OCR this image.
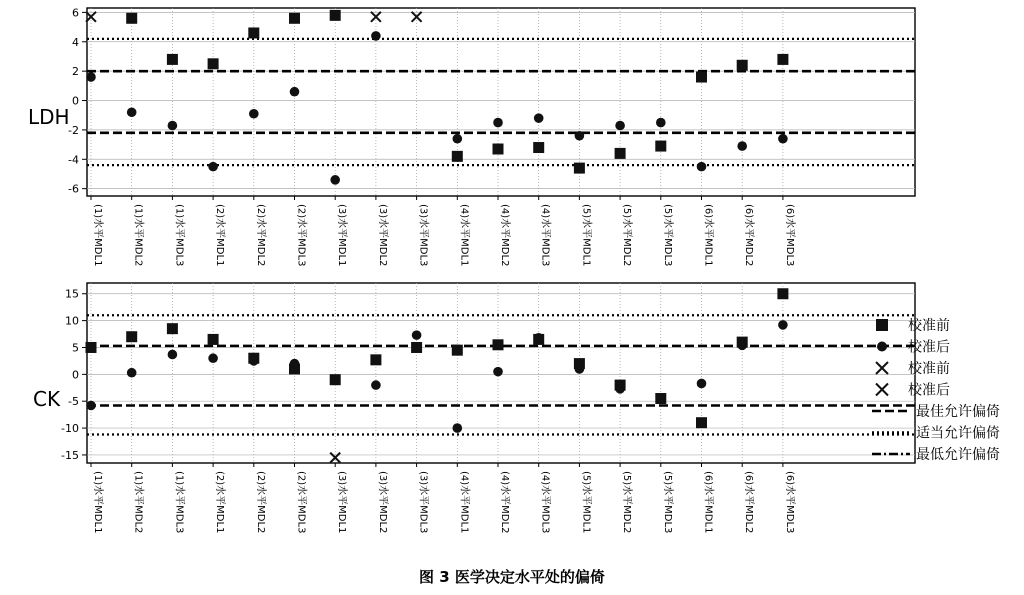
LDH
6
4
2
0
-2
-4
-6
(1)水平MDL1	(1)水平MDL2	(1)水平MDL3	(2)水平MDL1	(2)水平MDL2	(2)水平MDL3	(3)水平MDL1	(3)水平MDL2	(3)水平MDL3	(4)水平MDL1	(4)水平MDL2	(4)水平MDL3	(5)水平MDL1	(5)水平MDL2	(5)水平MDL3	(6)水平MDL1	(6)水平MDL2	(6)水平MDL3
CK
15
10
5
0
-5
-10
-15
(1)水平MDL1	(1)水平MDL2	(1)水平MDL3	(2)水平MDL1	(2)水平MDL2	(2)水平MDL3	(3)水平MDL1	(3)水平MDL2	(3)水平MDL3	(4)水平MDL1	(4)水平MDL2	(4)水平MDL3	(5)水平MDL1	(5)水平MDL2	(5)水平MDL3	(6)水平MDL1	(6)水平MDL2	(6)水平MDL3
校准前
校准后
校准前
校准后
最佳允许偏倚
适当允许偏倚
最低允许偏倚
图 3 医学决定水平处的偏倚
